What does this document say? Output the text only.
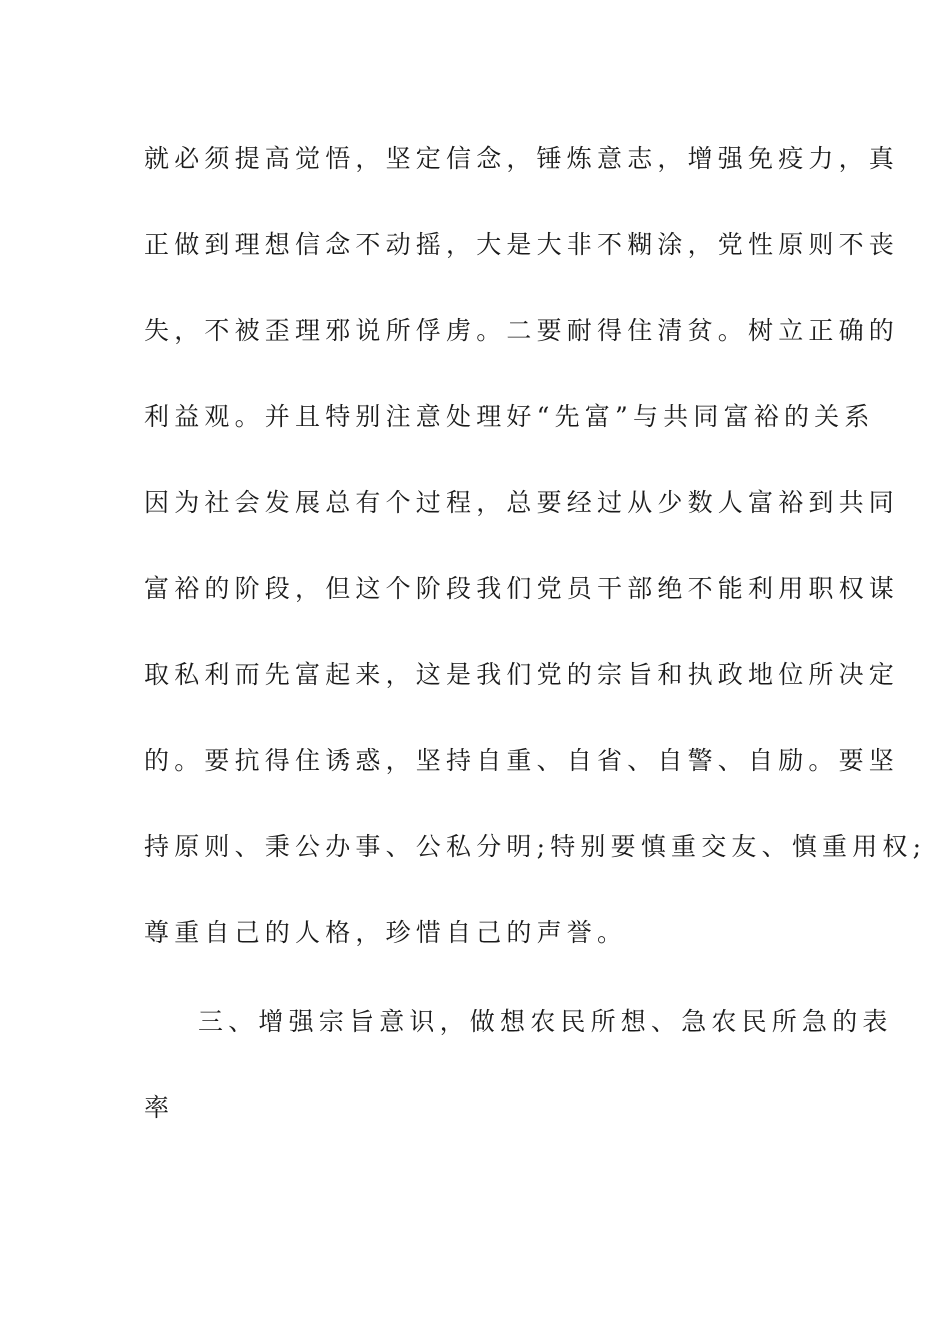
就必须提高觉悟，坚定信念，锤炼意志，增强免疫力，真
正做到理想信念不动摇，大是大非不糊涂，党性原则不丧
失，不被歪理邪说所俘虏。二要耐得住清贫。树立正确的
利益观。并且特别注意处理好“先富”与共同富裕的关系
因为社会发展总有个过程，总要经过从少数人富裕到共同
富裕的阶段，但这个阶段我们党员干部绝不能利用职权谋
取私利而先富起来，这是我们党的宗旨和执政地位所决定
的。要抗得住诱惑，坚持自重、自省、自警、自励。要坚
持原则、秉公办事、公私分明;特别要慎重交友、慎重用权;
尊重自己的人格，珍惜自己的声誉。
三、增强宗旨意识，做想农民所想、急农民所急的表
率
